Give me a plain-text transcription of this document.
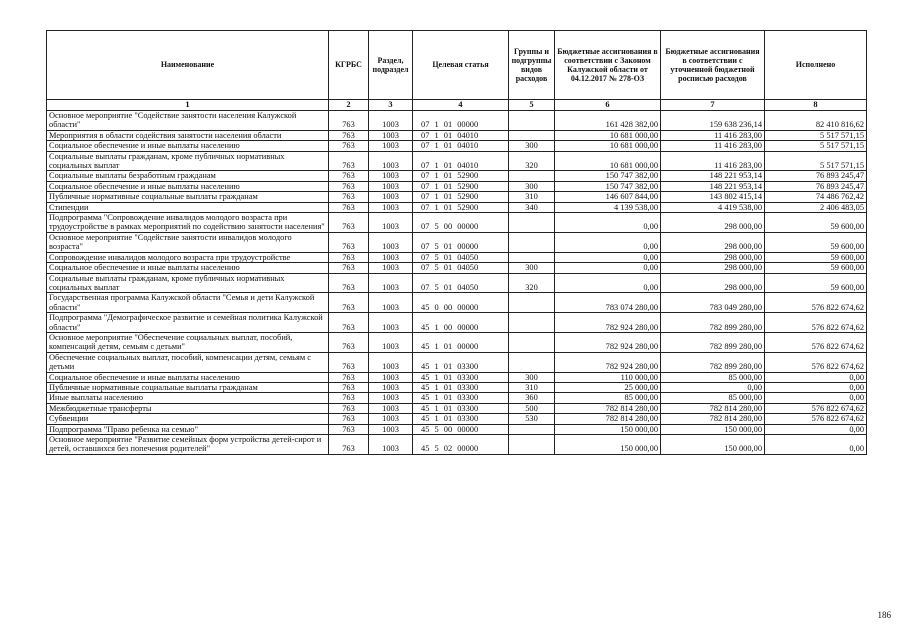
Наименование	КГРБС	Раздел, подраздел	Целевая статья	Группы и подгруппы видов расходов	Бюджетные ассигнования в соответствии с Законом Калужской области от 04.12.2017 № 278-ОЗ	Бюджетные ассигнования в соответствии с уточненной бюджетной росписью расходов	Исполнено
1	2	3	4	5	6	7	8
Основное мероприятие "Содействие занятости населения Калужской области"	763	1003	07 1 01 00000		161 428 382,00	159 638 236,14	82 410 816,62
Мероприятия в области содействия занятости населения области	763	1003	07 1 01 04010		10 681 000,00	11 416 283,00	5 517 571,15
Социальное обеспечение и иные выплаты населению	763	1003	07 1 01 04010	300	10 681 000,00	11 416 283,00	5 517 571,15
Социальные выплаты гражданам, кроме публичных нормативных социальных выплат	763	1003	07 1 01 04010	320	10 681 000,00	11 416 283,00	5 517 571,15
Социальные выплаты безработным гражданам	763	1003	07 1 01 52900		150 747 382,00	148 221 953,14	76 893 245,47
Социальное обеспечение и иные выплаты населению	763	1003	07 1 01 52900	300	150 747 382,00	148 221 953,14	76 893 245,47
Публичные нормативные социальные выплаты гражданам	763	1003	07 1 01 52900	310	146 607 844,00	143 802 415,14	74 486 762,42
Стипендии	763	1003	07 1 01 52900	340	4 139 538,00	4 419 538,00	2 406 483,05
Подпрограмма "Сопровождение инвалидов молодого возраста при трудоустройстве в рамках мероприятий по содействию занятости населения"	763	1003	07 5 00 00000		0,00	298 000,00	59 600,00
Основное мероприятие "Содействие занятости инвалидов молодого возраста"	763	1003	07 5 01 00000		0,00	298 000,00	59 600,00
Сопровождение инвалидов молодого возраста при трудоустройстве	763	1003	07 5 01 04050		0,00	298 000,00	59 600,00
Социальное обеспечение и иные выплаты населению	763	1003	07 5 01 04050	300	0,00	298 000,00	59 600,00
Социальные выплаты гражданам, кроме публичных нормативных социальных выплат	763	1003	07 5 01 04050	320	0,00	298 000,00	59 600,00
Государственная программа Калужской области "Семья и дети Калужской области"	763	1003	45 0 00 00000		783 074 280,00	783 049 280,00	576 822 674,62
Подпрограмма "Демографическое развитие и семейная политика Калужской области"	763	1003	45 1 00 00000		782 924 280,00	782 899 280,00	576 822 674,62
Основное мероприятие "Обеспечение социальных выплат, пособий, компенсаций детям, семьям с детьми"	763	1003	45 1 01 00000		782 924 280,00	782 899 280,00	576 822 674,62
Обеспечение социальных выплат, пособий, компенсации детям, семьям с детьми	763	1003	45 1 01 03300		782 924 280,00	782 899 280,00	576 822 674,62
Социальное обеспечение и иные выплаты населению	763	1003	45 1 01 03300	300	110 000,00	85 000,00	0,00
Публичные нормативные социальные выплаты гражданам	763	1003	45 1 01 03300	310	25 000,00	0,00	0,00
Иные выплаты населению	763	1003	45 1 01 03300	360	85 000,00	85 000,00	0,00
Межбюджетные трансферты	763	1003	45 1 01 03300	500	782 814 280,00	782 814 280,00	576 822 674,62
Субвенции	763	1003	45 1 01 03300	530	782 814 280,00	782 814 280,00	576 822 674,62
Подпрограмма "Право ребенка на семью"	763	1003	45 5 00 00000		150 000,00	150 000,00	0,00
Основное мероприятие "Развитие семейных форм устройства детей-сирот и детей, оставшихся без попечения родителей"	763	1003	45 5 02 00000		150 000,00	150 000,00	0,00
186
